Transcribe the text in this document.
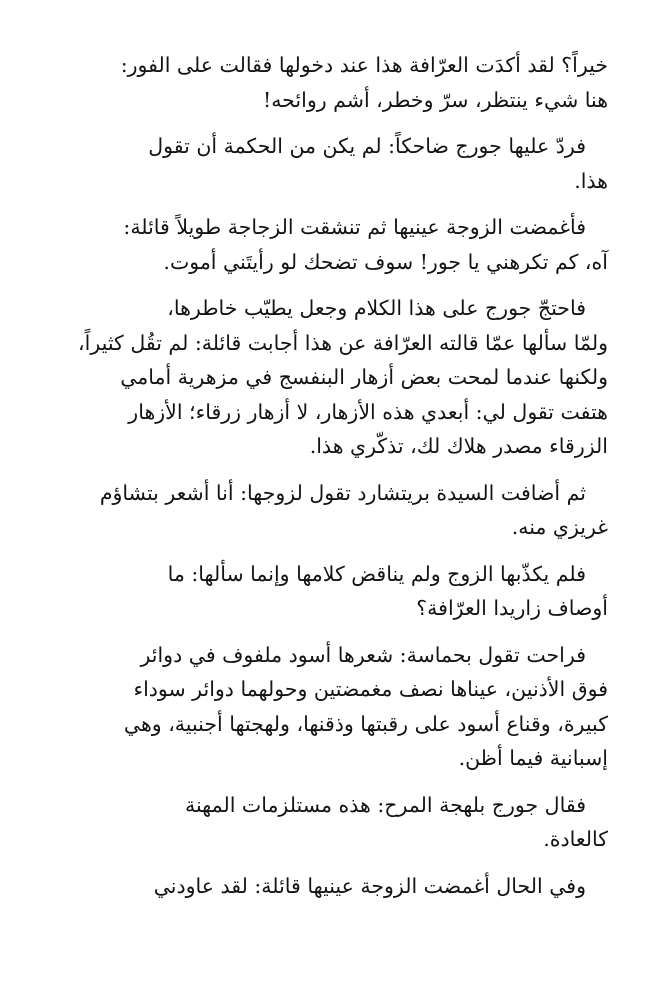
خيراً؟ لقد أكدَت العرّافة هذا عند دخولها فقالت على الفور:
هنا شيء ينتظر، سرّ وخطر، أشم روائحه!

فردّ عليها جورج ضاحكاً: لم يكن من الحكمة أن تقول
هذا.

فأغمضت الزوجة عينيها ثم تنشقت الزجاجة طويلاً قائلة:
آه، كم تكرهني يا جور! سوف تضحك لو رأيتَني أموت.

فاحتجّ جورج على هذا الكلام وجعل يطيّب خاطرها،
ولمّا سألها عمّا قالته العرّافة عن هذا أجابت قائلة: لم تقُل كثيراً،
ولكنها عندما لمحت بعض أزهار البنفسج في مزهرية أمامي
هتفت تقول لي: أبعدي هذه الأزهار، لا أزهار زرقاء؛ الأزهار
الزرقاء مصدر هلاك لك، تذكّري هذا.

ثم أضافت السيدة بريتشارد تقول لزوجها: أنا أشعر بتشاؤم
غريزي منه.

فلم يكذّبها الزوج ولم يناقض كلامها وإنما سألها: ما
أوصاف زاريدا العرّافة؟

فراحت تقول بحماسة: شعرها أسود ملفوف في دوائر
فوق الأذنين، عيناها نصف مغمضتين وحولهما دوائر سوداء
كبيرة، وقناع أسود على رقبتها وذقنها، ولهجتها أجنبية، وهي
إسبانية فيما أظن.

فقال جورج بلهجة المرح: هذه مستلزمات المهنة
كالعادة.

وفي الحال أغمضت الزوجة عينيها قائلة: لقد عاودني
